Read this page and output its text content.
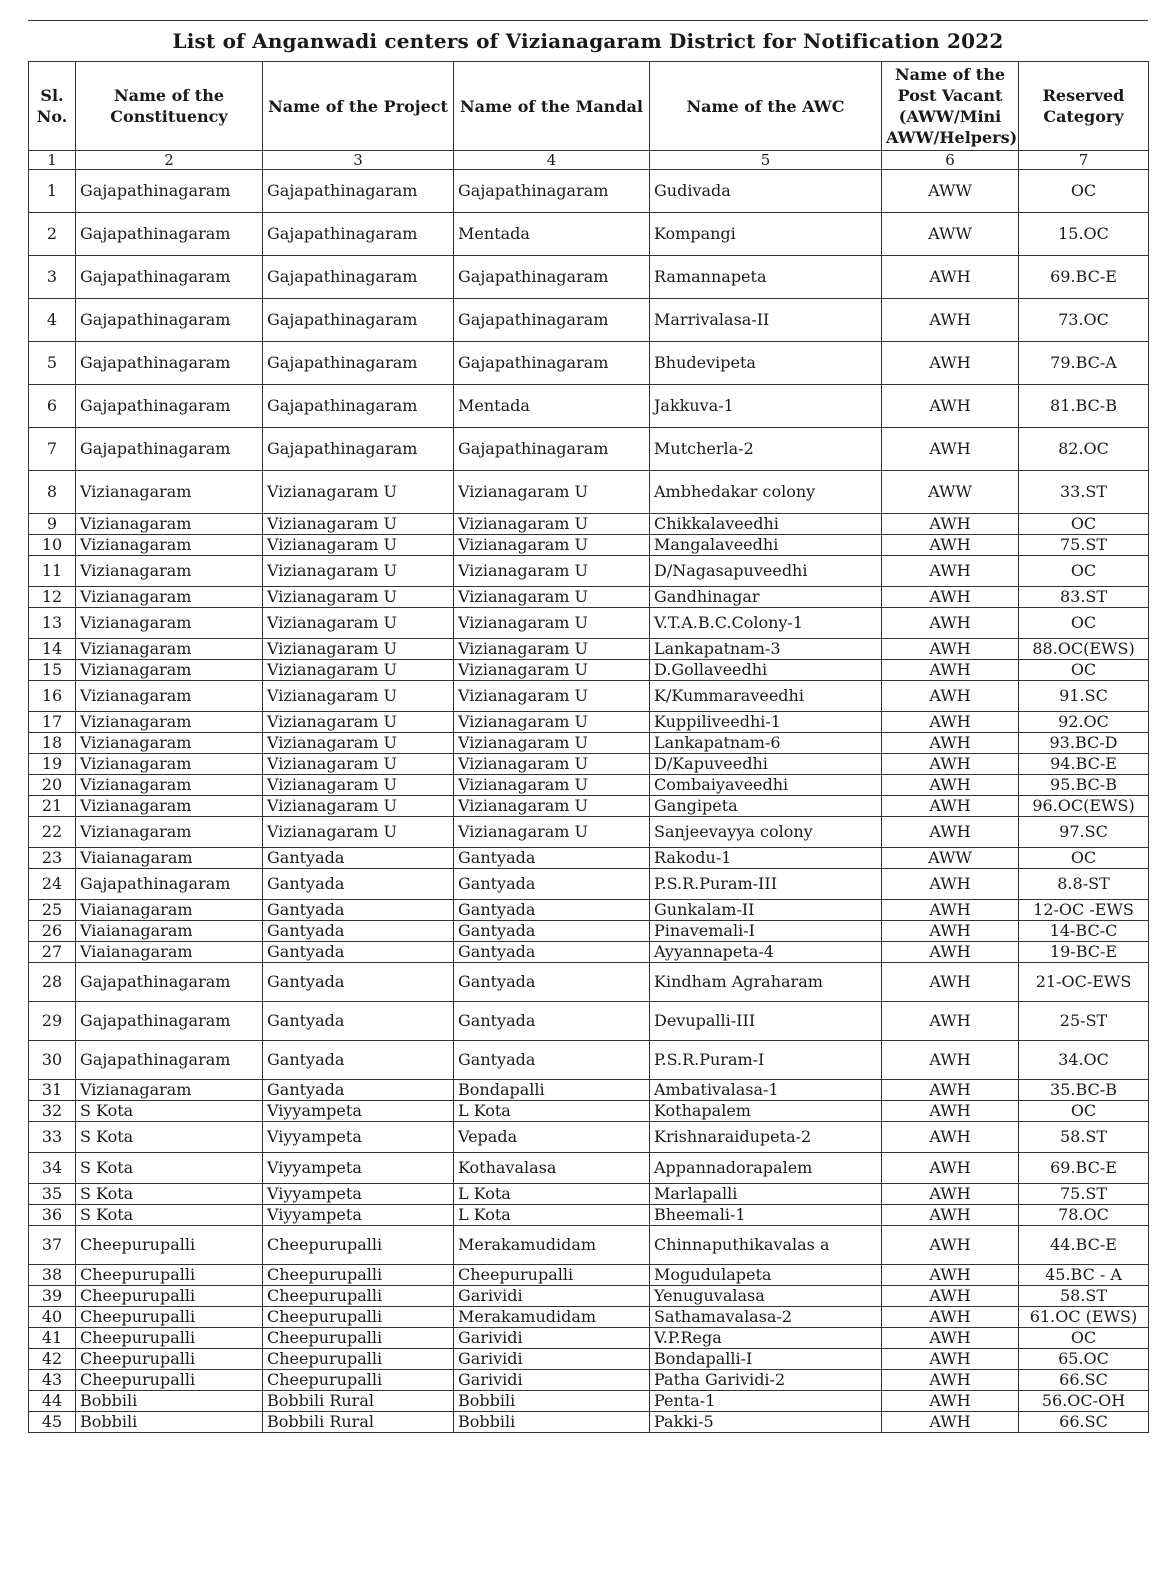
List of Anganwadi centers of Vizianagaram District for Notification 2022
Sl. No.	Name of the Constituency	Name of the Project	Name of the Mandal	Name of the AWC	Name of the Post Vacant (AWW/Mini AWW/Helpers)	Reserved Category
1	2	3	4	5	6	7
1	Gajapathinagaram	Gajapathinagaram	Gajapathinagaram	Gudivada	AWW	OC
2	Gajapathinagaram	Gajapathinagaram	Mentada	Kompangi	AWW	15.OC
3	Gajapathinagaram	Gajapathinagaram	Gajapathinagaram	Ramannapeta	AWH	69.BC-E
4	Gajapathinagaram	Gajapathinagaram	Gajapathinagaram	Marrivalasa-II	AWH	73.OC
5	Gajapathinagaram	Gajapathinagaram	Gajapathinagaram	Bhudevipeta	AWH	79.BC-A
6	Gajapathinagaram	Gajapathinagaram	Mentada	Jakkuva-1	AWH	81.BC-B
7	Gajapathinagaram	Gajapathinagaram	Gajapathinagaram	Mutcherla-2	AWH	82.OC
8	Vizianagaram	Vizianagaram U	Vizianagaram U	Ambhedakar colony	AWW	33.ST
9	Vizianagaram	Vizianagaram U	Vizianagaram U	Chikkalaveedhi	AWH	OC
10	Vizianagaram	Vizianagaram U	Vizianagaram U	Mangalaveedhi	AWH	75.ST
11	Vizianagaram	Vizianagaram U	Vizianagaram U	D/Nagasapuveedhi	AWH	OC
12	Vizianagaram	Vizianagaram U	Vizianagaram U	Gandhinagar	AWH	83.ST
13	Vizianagaram	Vizianagaram U	Vizianagaram U	V.T.A.B.C.Colony-1	AWH	OC
14	Vizianagaram	Vizianagaram U	Vizianagaram U	Lankapatnam-3	AWH	88.OC(EWS)
15	Vizianagaram	Vizianagaram U	Vizianagaram U	D.Gollaveedhi	AWH	OC
16	Vizianagaram	Vizianagaram U	Vizianagaram U	K/Kummaraveedhi	AWH	91.SC
17	Vizianagaram	Vizianagaram U	Vizianagaram U	Kuppiliveedhi-1	AWH	92.OC
18	Vizianagaram	Vizianagaram U	Vizianagaram U	Lankapatnam-6	AWH	93.BC-D
19	Vizianagaram	Vizianagaram U	Vizianagaram U	D/Kapuveedhi	AWH	94.BC-E
20	Vizianagaram	Vizianagaram U	Vizianagaram U	Combaiyaveedhi	AWH	95.BC-B
21	Vizianagaram	Vizianagaram U	Vizianagaram U	Gangipeta	AWH	96.OC(EWS)
22	Vizianagaram	Vizianagaram U	Vizianagaram U	Sanjeevayya colony	AWH	97.SC
23	Viaianagaram	Gantyada	Gantyada	Rakodu-1	AWW	OC
24	Gajapathinagaram	Gantyada	Gantyada	P.S.R.Puram-III	AWH	8.8-ST
25	Viaianagaram	Gantyada	Gantyada	Gunkalam-II	AWH	12-OC -EWS
26	Viaianagaram	Gantyada	Gantyada	Pinavemali-I	AWH	14-BC-C
27	Viaianagaram	Gantyada	Gantyada	Ayyannapeta-4	AWH	19-BC-E
28	Gajapathinagaram	Gantyada	Gantyada	Kindham Agraharam	AWH	21-OC-EWS
29	Gajapathinagaram	Gantyada	Gantyada	Devupalli-III	AWH	25-ST
30	Gajapathinagaram	Gantyada	Gantyada	P.S.R.Puram-I	AWH	34.OC
31	Vizianagaram	Gantyada	Bondapalli	Ambativalasa-1	AWH	35.BC-B
32	S Kota	Viyyampeta	L Kota	Kothapalem	AWH	OC
33	S Kota	Viyyampeta	Vepada	Krishnaraidupeta-2	AWH	58.ST
34	S Kota	Viyyampeta	Kothavalasa	Appannadorapalem	AWH	69.BC-E
35	S Kota	Viyyampeta	L Kota	Marlapalli	AWH	75.ST
36	S Kota	Viyyampeta	L Kota	Bheemali-1	AWH	78.OC
37	Cheepurupalli	Cheepurupalli	Merakamudidam	Chinnaputhikavalas a	AWH	44.BC-E
38	Cheepurupalli	Cheepurupalli	Cheepurupalli	Mogudulapeta	AWH	45.BC - A
39	Cheepurupalli	Cheepurupalli	Garividi	Yenuguvalasa	AWH	58.ST
40	Cheepurupalli	Cheepurupalli	Merakamudidam	Sathamavalasa-2	AWH	61.OC (EWS)
41	Cheepurupalli	Cheepurupalli	Garividi	V.P.Rega	AWH	OC
42	Cheepurupalli	Cheepurupalli	Garividi	Bondapalli-I	AWH	65.OC
43	Cheepurupalli	Cheepurupalli	Garividi	Patha Garividi-2	AWH	66.SC
44	Bobbili	Bobbili Rural	Bobbili	Penta-1	AWH	56.OC-OH
45	Bobbili	Bobbili Rural	Bobbili	Pakki-5	AWH	66.SC
